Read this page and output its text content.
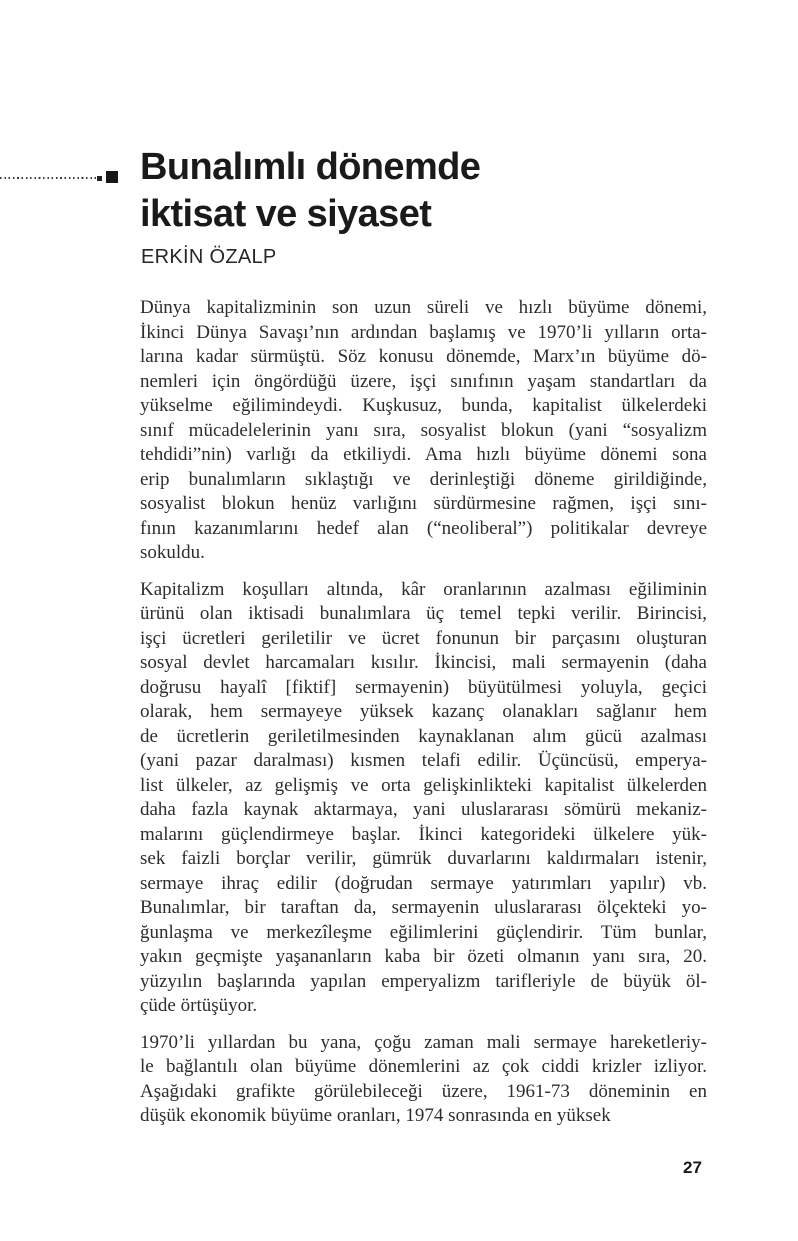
Bunalımlı dönemde
iktisat ve siyaset
ERKİN ÖZALP
Dünya kapitalizminin son uzun süreli ve hızlı büyüme dönemi,
İkinci Dünya Savaşı’nın ardından başlamış ve 1970’li yılların orta-
larına kadar sürmüştü. Söz konusu dönemde, Marx’ın büyüme dö-
nemleri için öngördüğü üzere, işçi sınıfının yaşam standartları da
yükselme eğilimindeydi. Kuşkusuz, bunda, kapitalist ülkelerdeki
sınıf mücadelelerinin yanı sıra, sosyalist blokun (yani “sosyalizm
tehdidi”nin) varlığı da etkiliydi. Ama hızlı büyüme dönemi sona
erip bunalımların sıklaştığı ve derinleştiği döneme girildiğinde,
sosyalist blokun henüz varlığını sürdürmesine rağmen, işçi sını-
fının kazanımlarını hedef alan (“neoliberal”) politikalar devreye
sokuldu.
Kapitalizm koşulları altında, kâr oranlarının azalması eğiliminin
ürünü olan iktisadi bunalımlara üç temel tepki verilir. Birincisi,
işçi ücretleri geriletilir ve ücret fonunun bir parçasını oluşturan
sosyal devlet harcamaları kısılır. İkincisi, mali sermayenin (daha
doğrusu hayalî [fiktif] sermayenin) büyütülmesi yoluyla, geçici
olarak, hem sermayeye yüksek kazanç olanakları sağlanır hem
de ücretlerin geriletilmesinden kaynaklanan alım gücü azalması
(yani pazar daralması) kısmen telafi edilir. Üçüncüsü, emperya-
list ülkeler, az gelişmiş ve orta gelişkinlikteki kapitalist ülkelerden
daha fazla kaynak aktarmaya, yani uluslararası sömürü mekaniz-
malarını güçlendirmeye başlar. İkinci kategorideki ülkelere yük-
sek faizli borçlar verilir, gümrük duvarlarını kaldırmaları istenir,
sermaye ihraç edilir (doğrudan sermaye yatırımları yapılır) vb.
Bunalımlar, bir taraftan da, sermayenin uluslararası ölçekteki yo-
ğunlaşma ve merkezîleşme eğilimlerini güçlendirir. Tüm bunlar,
yakın geçmişte yaşananların kaba bir özeti olmanın yanı sıra, 20.
yüzyılın başlarında yapılan emperyalizm tarifleriyle de büyük öl-
çüde örtüşüyor.
1970’li yıllardan bu yana, çoğu zaman mali sermaye hareketleriy-
le bağlantılı olan büyüme dönemlerini az çok ciddi krizler izliyor.
Aşağıdaki grafikte görülebileceği üzere, 1961-73 döneminin en
düşük ekonomik büyüme oranları, 1974 sonrasında en yüksek
27
